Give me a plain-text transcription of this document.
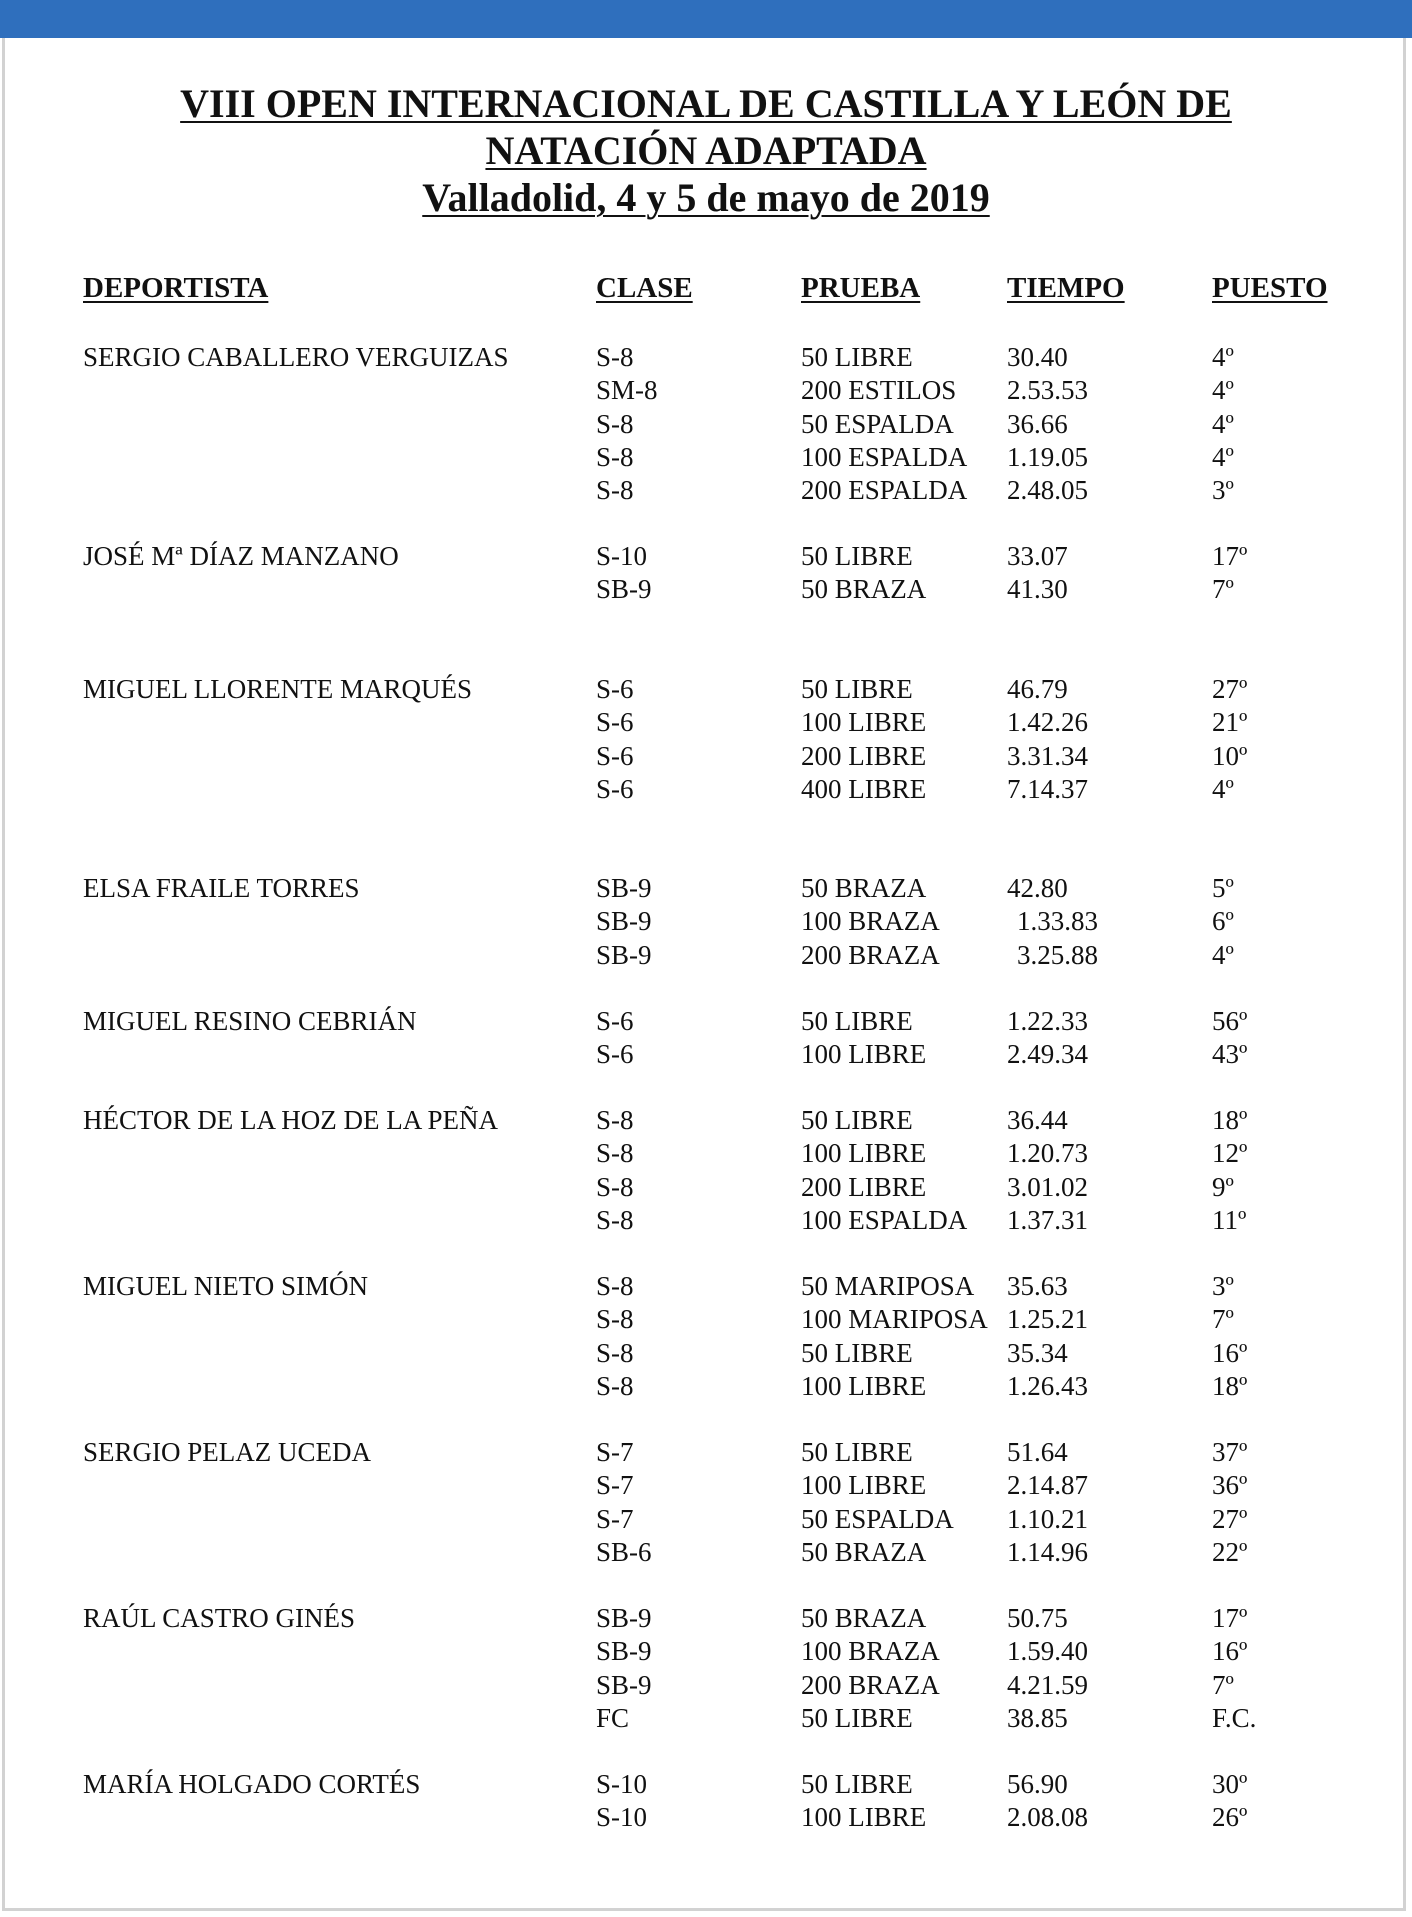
VIII OPEN INTERNACIONAL DE CASTILLA Y LEÓN DE
NATACIÓN ADAPTADA
Valladolid, 4 y 5 de mayo de 2019
DEPORTISTA	CLASE	PRUEBA	TIEMPO	PUESTO
SERGIO CABALLERO VERGUIZAS	S-8	50 LIBRE	30.40	4º
SM-8	200 ESTILOS 2.53.53	4º
S-8	50 ESPALDA 36.66	4º
S-8	100 ESPALDA 1.19.05	4º
S-8	200 ESPALDA 2.48.05	3º
JOSÉ Mª DÍAZ MANZANO	S-10	50 LIBRE	33.07	17º
SB-9	50 BRAZA	41.30	7º
MIGUEL LLORENTE MARQUÉS	S-6	50 LIBRE	46.79	27º
S-6	100 LIBRE	1.42.26	21º
S-6	200 LIBRE	3.31.34	10º
S-6	400 LIBRE	7.14.37	4º
ELSA FRAILE TORRES	SB-9	50 BRAZA	42.80	5º
SB-9	100 BRAZA	1.33.83	6º
SB-9	200 BRAZA	3.25.88	4º
MIGUEL RESINO CEBRIÁN	S-6	50 LIBRE	1.22.33	56º
S-6	100 LIBRE	2.49.34	43º
HÉCTOR DE LA HOZ DE LA PEÑA	S-8	50 LIBRE	36.44	18º
S-8	100 LIBRE	1.20.73	12º
S-8	200 LIBRE	3.01.02	9º
S-8	100 ESPALDA 1.37.31	11º
MIGUEL NIETO SIMÓN	S-8	50 MARIPOSA 35.63	3º
S-8	100 MARIPOSA 1.25.21	7º
S-8	50 LIBRE	35.34	16º
S-8	100 LIBRE	1.26.43	18º
SERGIO PELAZ UCEDA	S-7	50 LIBRE	51.64	37º
S-7	100 LIBRE	2.14.87	36º
S-7	50 ESPALDA 1.10.21	27º
SB-6	50 BRAZA	1.14.96	22º
RAÚL CASTRO GINÉS	SB-9	50 BRAZA	50.75	17º
SB-9	100 BRAZA 1.59.40	16º
SB-9	200 BRAZA 4.21.59	7º
FC	50 LIBRE	38.85	F.C.
MARÍA HOLGADO CORTÉS	S-10	50 LIBRE	56.90	30º
S-10	100 LIBRE	2.08.08	26º
